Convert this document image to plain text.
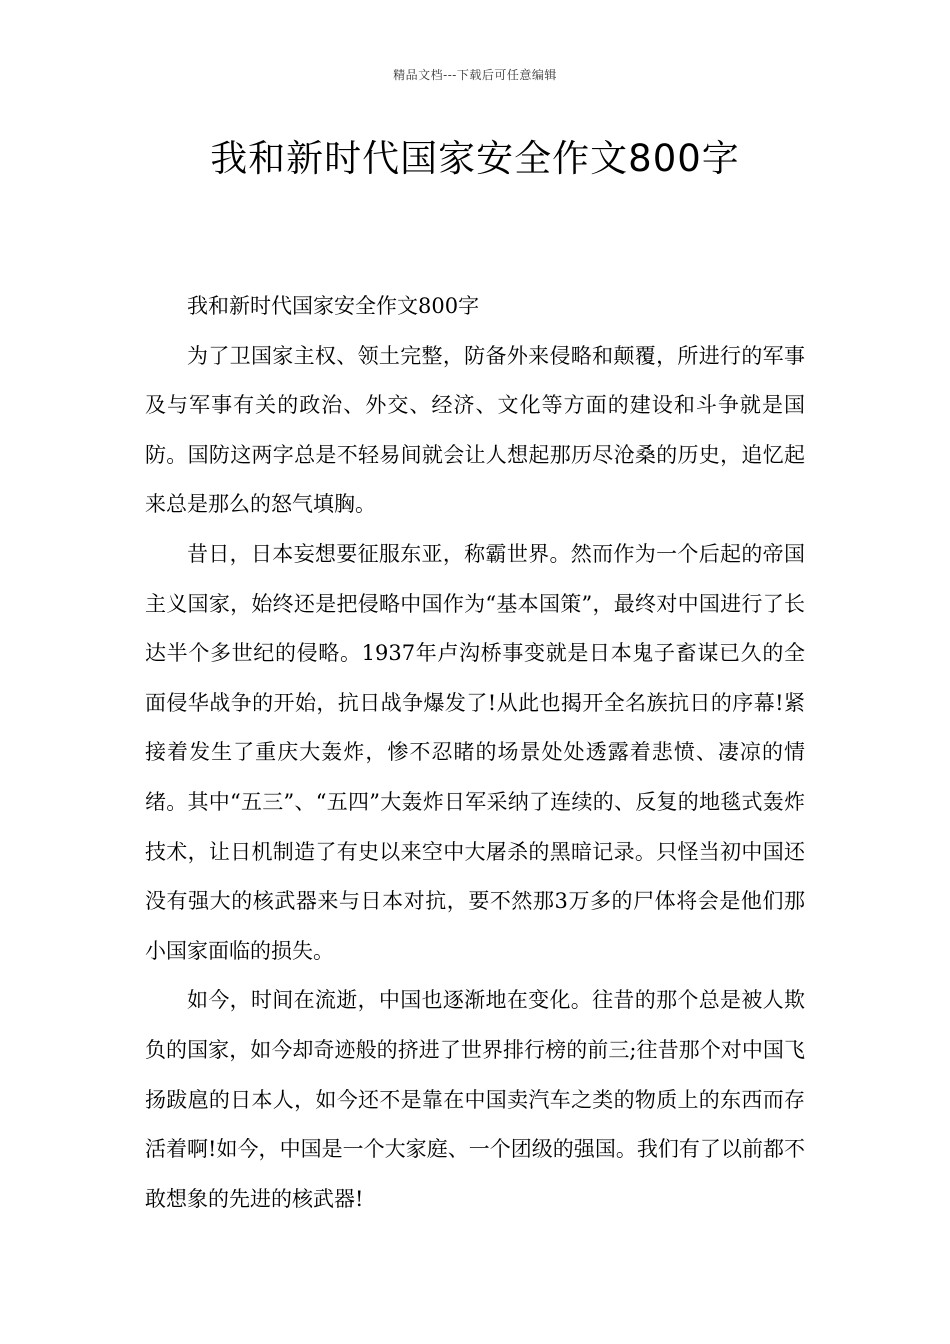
精品文档---下载后可任意编辑
我和新时代国家安全作文800字

我和新时代国家安全作文800字

为了卫国家主权、领土完整，防备外来侵略和颠覆，所进行的军事及与军事有关的政治、外交、经济、文化等方面的建设和斗争就是国防。国防这两字总是不轻易间就会让人想起那历尽沧桑的历史，追忆起来总是那么的怒气填胸。

昔日，日本妄想要征服东亚，称霸世界。然而作为一个后起的帝国主义国家，始终还是把侵略中国作为“基本国策”，最终对中国进行了长达半个多世纪的侵略。1937年卢沟桥事变就是日本鬼子畜谋已久的全面侵华战争的开始，抗日战争爆发了!从此也揭开全名族抗日的序幕!紧接着发生了重庆大轰炸，惨不忍睹的场景处处透露着悲愤、凄凉的情绪。其中“五三”、“五四”大轰炸日军采纳了连续的、反复的地毯式轰炸技术，让日机制造了有史以来空中大屠杀的黑暗记录。只怪当初中国还没有强大的核武器来与日本对抗，要不然那3万多的尸体将会是他们那小国家面临的损失。

如今，时间在流逝，中国也逐渐地在变化。往昔的那个总是被人欺负的国家，如今却奇迹般的挤进了世界排行榜的前三;往昔那个对中国飞扬跋扈的日本人，如今还不是靠在中国卖汽车之类的物质上的东西而存活着啊!如今，中国是一个大家庭、一个团级的强国。我们有了以前都不敢想象的先进的核武器!
